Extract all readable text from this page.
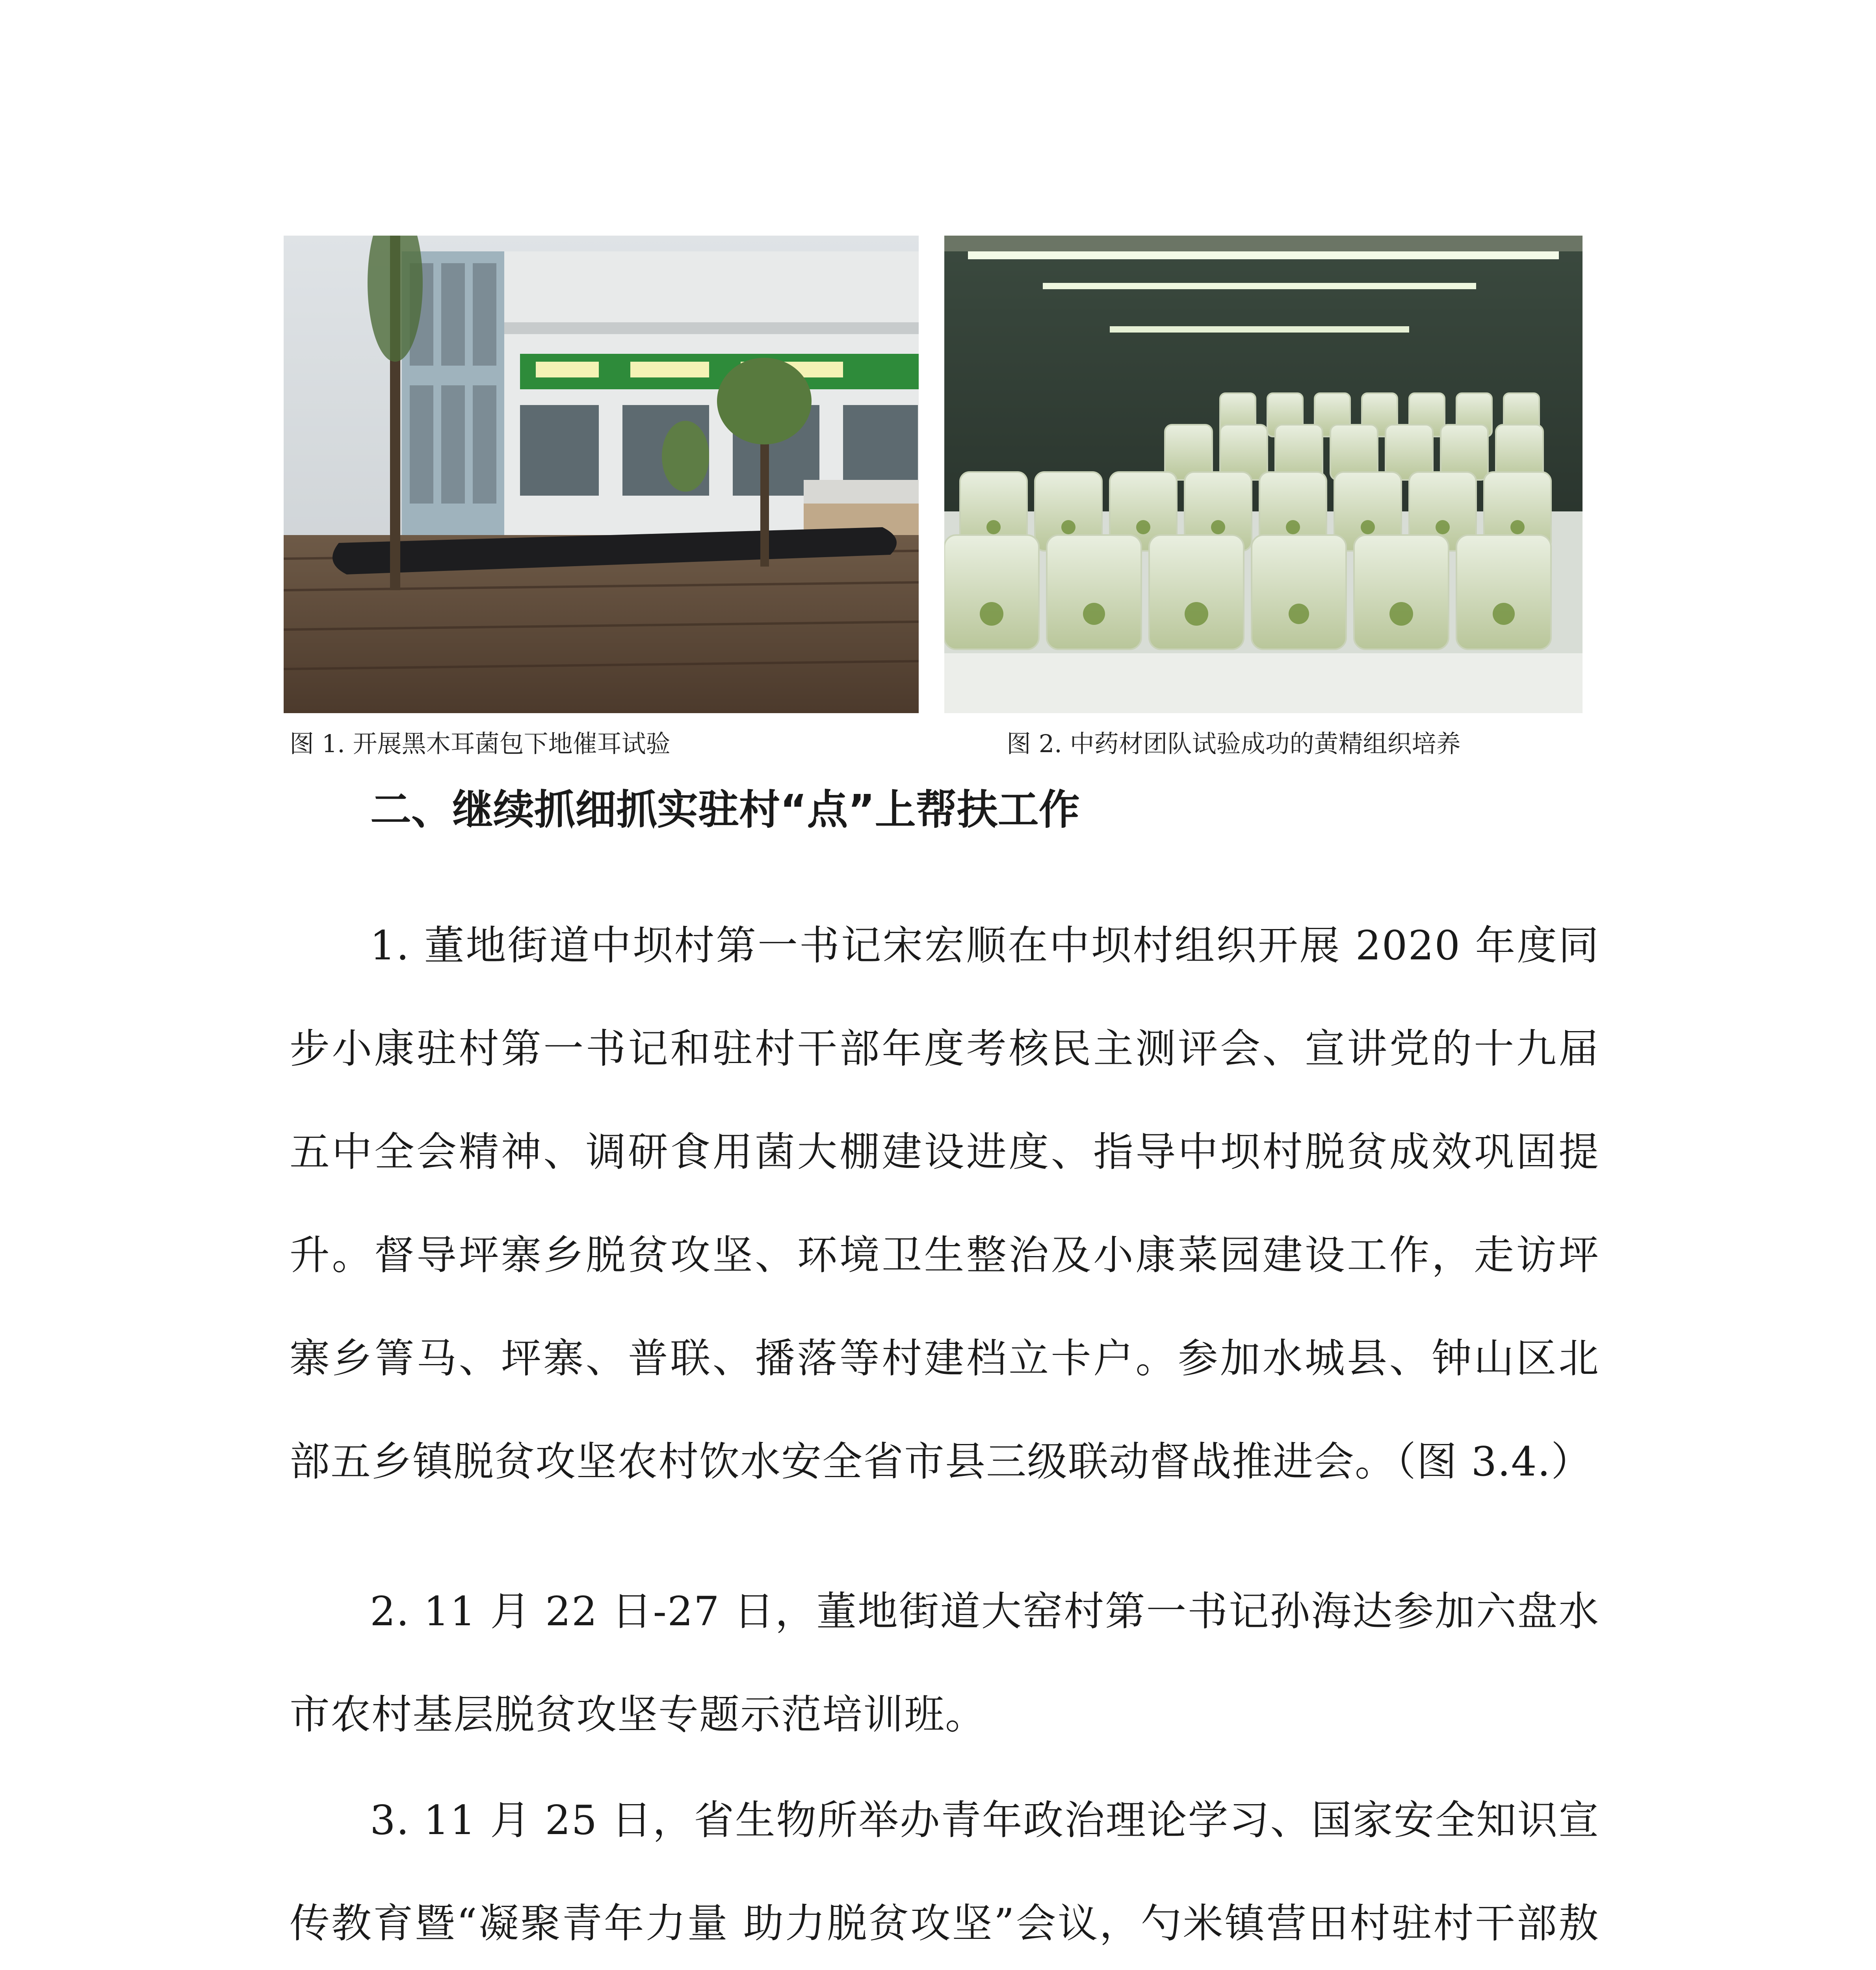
图 1. 开展黑木耳菌包下地催耳试验	图 2. 中药材团队试验成功的黄精组织培养
二、继续抓细抓实驻村“点”上帮扶工作

1. 董地街道中坝村第一书记宋宏顺在中坝村组织开展 2020 年度同步小康驻村第一书记和驻村干部年度考核民主测评会、宣讲党的十九届五中全会精神、调研食用菌大棚建设进度、指导中坝村脱贫成效巩固提升。督导坪寨乡脱贫攻坚、环境卫生整治及小康菜园建设工作，走访坪寨乡箐马、坪寨、普联、播落等村建档立卡户。参加水城县、钟山区北部五乡镇脱贫攻坚农村饮水安全省市县三级联动督战推进会。（图 3.4.）

2. 11 月 22 日-27 日，董地街道大窑村第一书记孙海达参加六盘水市农村基层脱贫攻坚专题示范培训班。

3. 11 月 25 日，省生物所举办青年政治理论学习、国家安全知识宣传教育暨“凝聚青年力量 助力脱贫攻坚”会议，勺米镇营田村驻村干部敖
